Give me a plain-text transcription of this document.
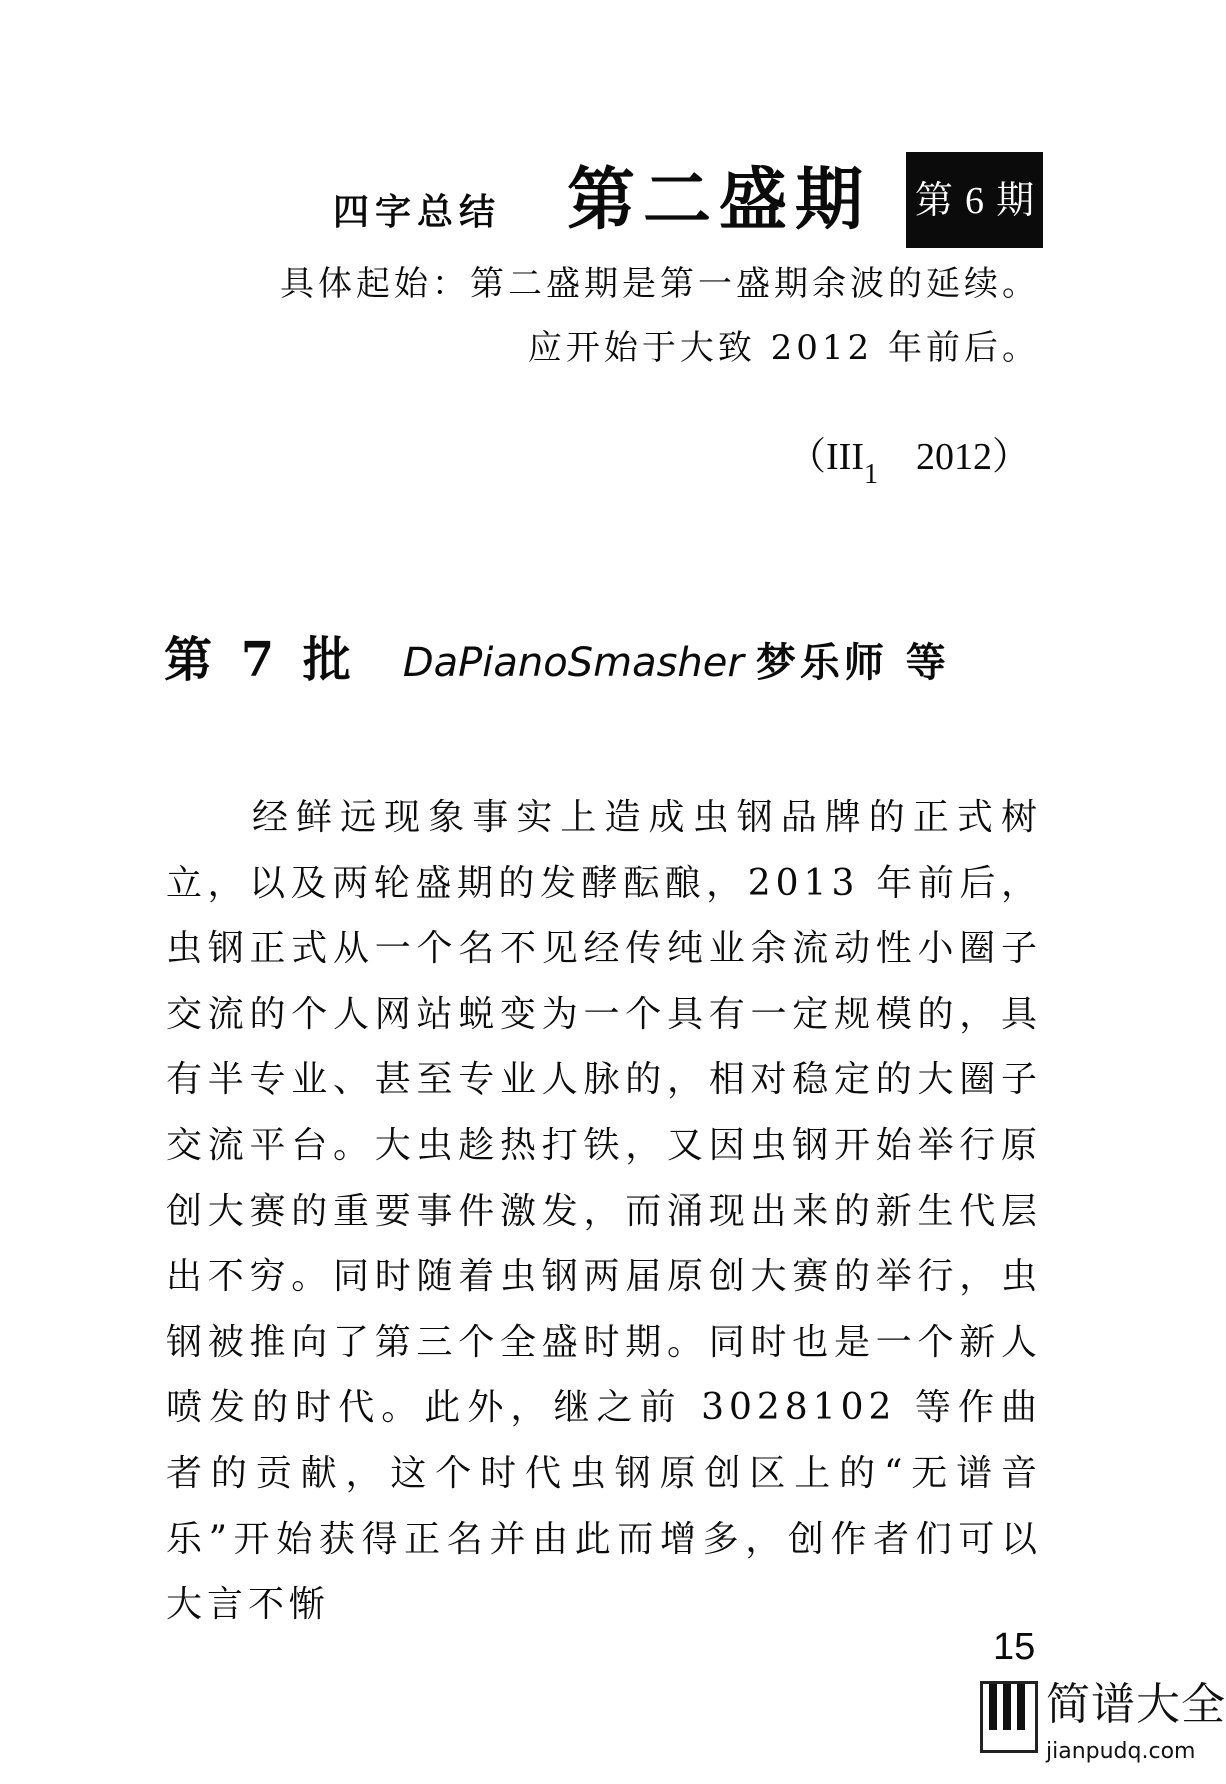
四字总结 第二盛期 第 6 期
具体起始：第二盛期是第一盛期余波的延续。
应开始于大致 2012 年前后。
（$III_1$ 2012）
第 7 批 DaPianoSmasher 梦乐师 等
经鲜远现象事实上造成虫钢品牌的正式树立，以及两轮盛期的发酵酝酿，2013 年前后，虫钢正式从一个名不见经传纯业余流动性小圈子交流的个人网站蜕变为一个具有一定规模的，具有半专业、甚至专业人脉的，相对稳定的大圈子交流平台。大虫趁热打铁，又因虫钢开始举行原创大赛的重要事件激发，而涌现出来的新生代层出不穷。同时随着虫钢两届原创大赛的举行，虫钢被推向了第三个全盛时期。同时也是一个新人喷发的时代。此外，继之前 3028102 等作曲者的贡献，这个时代虫钢原创区上的“无谱音乐”开始获得正名并由此而增多，创作者们可以大言不惭
15
简谱大全
jianpudq.com
